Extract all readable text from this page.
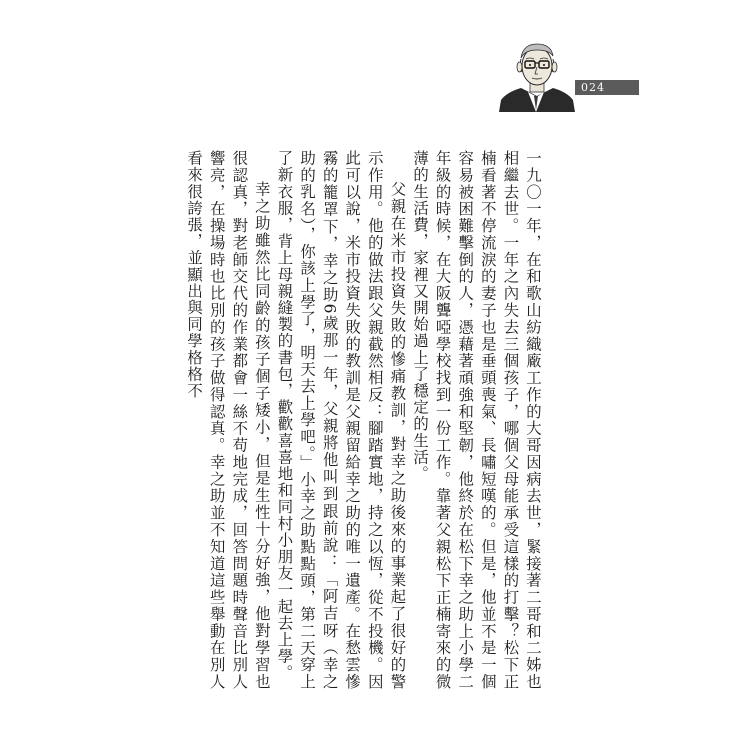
024

一九〇一年，在和歌山紡織廠工作的大哥因病去世，緊接著二哥和二姊也相繼去世。一年之內失去三個孩子，哪個父母能承受這樣的打擊？松下正楠看著不停流淚的妻子也是垂頭喪氣、長嘯短嘆的。但是，他並不是一個容易被困難擊倒的人，憑藉著頑強和堅韌，他終於在松下幸之助上小學二年級的時候，在大阪聾啞學校找到一份工作。靠著父親松下正楠寄來的微薄的生活費，家裡又開始過上了穩定的生活。

父親在米市投資失敗的慘痛教訓，對幸之助後來的事業起了很好的警示作用。他的做法跟父親截然相反：腳踏實地，持之以恆，從不投機。因此可以說，米市投資失敗的教訓是父親留給幸之助的唯一遺產。在愁雲慘霧的籠罩下，幸之助6歲那一年，父親將他叫到跟前說：「阿吉呀（幸之助的乳名），你該上學了，明天去上學吧。」小幸之助點點頭，第二天穿上了新衣服，背上母親縫製的書包，歡歡喜喜地和同村小朋友一起去上學。

幸之助雖然比同齡的孩子個子矮小，但是生性十分好強，他對學習也很認真，對老師交代的作業都會一絲不苟地完成，回答問題時聲音比別人響亮，在操場時也比別的孩子做得認真。幸之助並不知道這些舉動在別人看來很誇張，並顯出與同學格格不
